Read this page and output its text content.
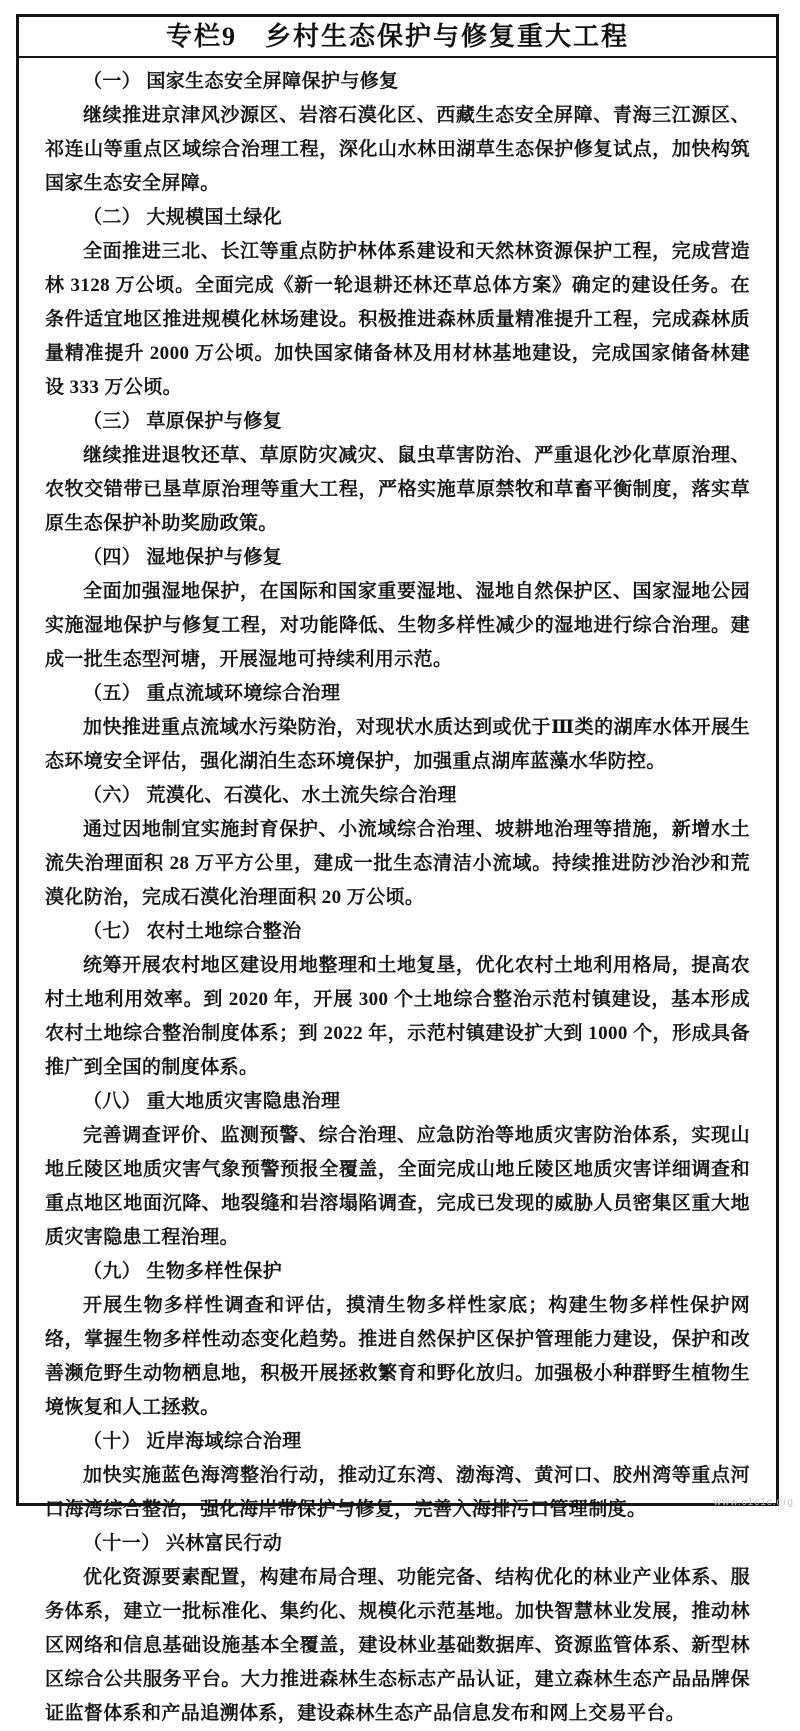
专栏9　乡村生态保护与修复重大工程

（一） 国家生态安全屏障保护与修复

继续推进京津风沙源区、岩溶石漠化区、西藏生态安全屏障、青海三江源区、祁连山等重点区域综合治理工程，深化山水林田湖草生态保护修复试点，加快构筑国家生态安全屏障。

（二） 大规模国土绿化

全面推进三北、长江等重点防护林体系建设和天然林资源保护工程，完成营造林 3128 万公顷。全面完成《新一轮退耕还林还草总体方案》确定的建设任务。在条件适宜地区推进规模化林场建设。积极推进森林质量精准提升工程，完成森林质量精准提升 2000 万公顷。加快国家储备林及用材林基地建设，完成国家储备林建设 333 万公顷。

（三） 草原保护与修复

继续推进退牧还草、草原防灾减灾、鼠虫草害防治、严重退化沙化草原治理、农牧交错带已垦草原治理等重大工程，严格实施草原禁牧和草畜平衡制度，落实草原生态保护补助奖励政策。

（四） 湿地保护与修复

全面加强湿地保护，在国际和国家重要湿地、湿地自然保护区、国家湿地公园实施湿地保护与修复工程，对功能降低、生物多样性减少的湿地进行综合治理。建成一批生态型河塘，开展湿地可持续利用示范。

（五） 重点流域环境综合治理

加快推进重点流域水污染防治，对现状水质达到或优于Ⅲ类的湖库水体开展生态环境安全评估，强化湖泊生态环境保护，加强重点湖库蓝藻水华防控。

（六） 荒漠化、石漠化、水土流失综合治理

通过因地制宜实施封育保护、小流域综合治理、坡耕地治理等措施，新增水土流失治理面积 28 万平方公里，建成一批生态清洁小流域。持续推进防沙治沙和荒漠化防治，完成石漠化治理面积 20 万公顷。

（七） 农村土地综合整治

统筹开展农村地区建设用地整理和土地复垦，优化农村土地利用格局，提高农村土地利用效率。到 2020 年，开展 300 个土地综合整治示范村镇建设，基本形成农村土地综合整治制度体系；到 2022 年，示范村镇建设扩大到 1000 个，形成具备推广到全国的制度体系。

（八） 重大地质灾害隐患治理

完善调查评价、监测预警、综合治理、应急防治等地质灾害防治体系，实现山地丘陵区地质灾害气象预警预报全覆盖，全面完成山地丘陵区地质灾害详细调查和重点地区地面沉降、地裂缝和岩溶塌陷调查，完成已发现的威胁人员密集区重大地质灾害隐患工程治理。

（九） 生物多样性保护

开展生物多样性调查和评估，摸清生物多样性家底；构建生物多样性保护网络，掌握生物多样性动态变化趋势。推进自然保护区保护管理能力建设，保护和改善濒危野生动物栖息地，积极开展拯救繁育和野化放归。加强极小种群野生植物生境恢复和人工拯救。

（十） 近岸海域综合治理

加快实施蓝色海湾整治行动，推动辽东湾、渤海湾、黄河口、胶州湾等重点河口海湾综合整治，强化海岸带保护与修复，完善入海排污口管理制度。

（十一） 兴林富民行动

优化资源要素配置，构建布局合理、功能完备、结构优化的林业产业体系、服务体系，建立一批标准化、集约化、规模化示范基地。加快智慧林业发展，推动林区网络和信息基础设施基本全覆盖，建设林业基础数据库、资源监管体系、新型林区综合公共服务平台。大力推进森林生态标志产品认证，建立森林生态产品品牌保证监督体系和产品追溯体系，建设森林生态产品信息发布和网上交易平台。

www.c1c1c.org
